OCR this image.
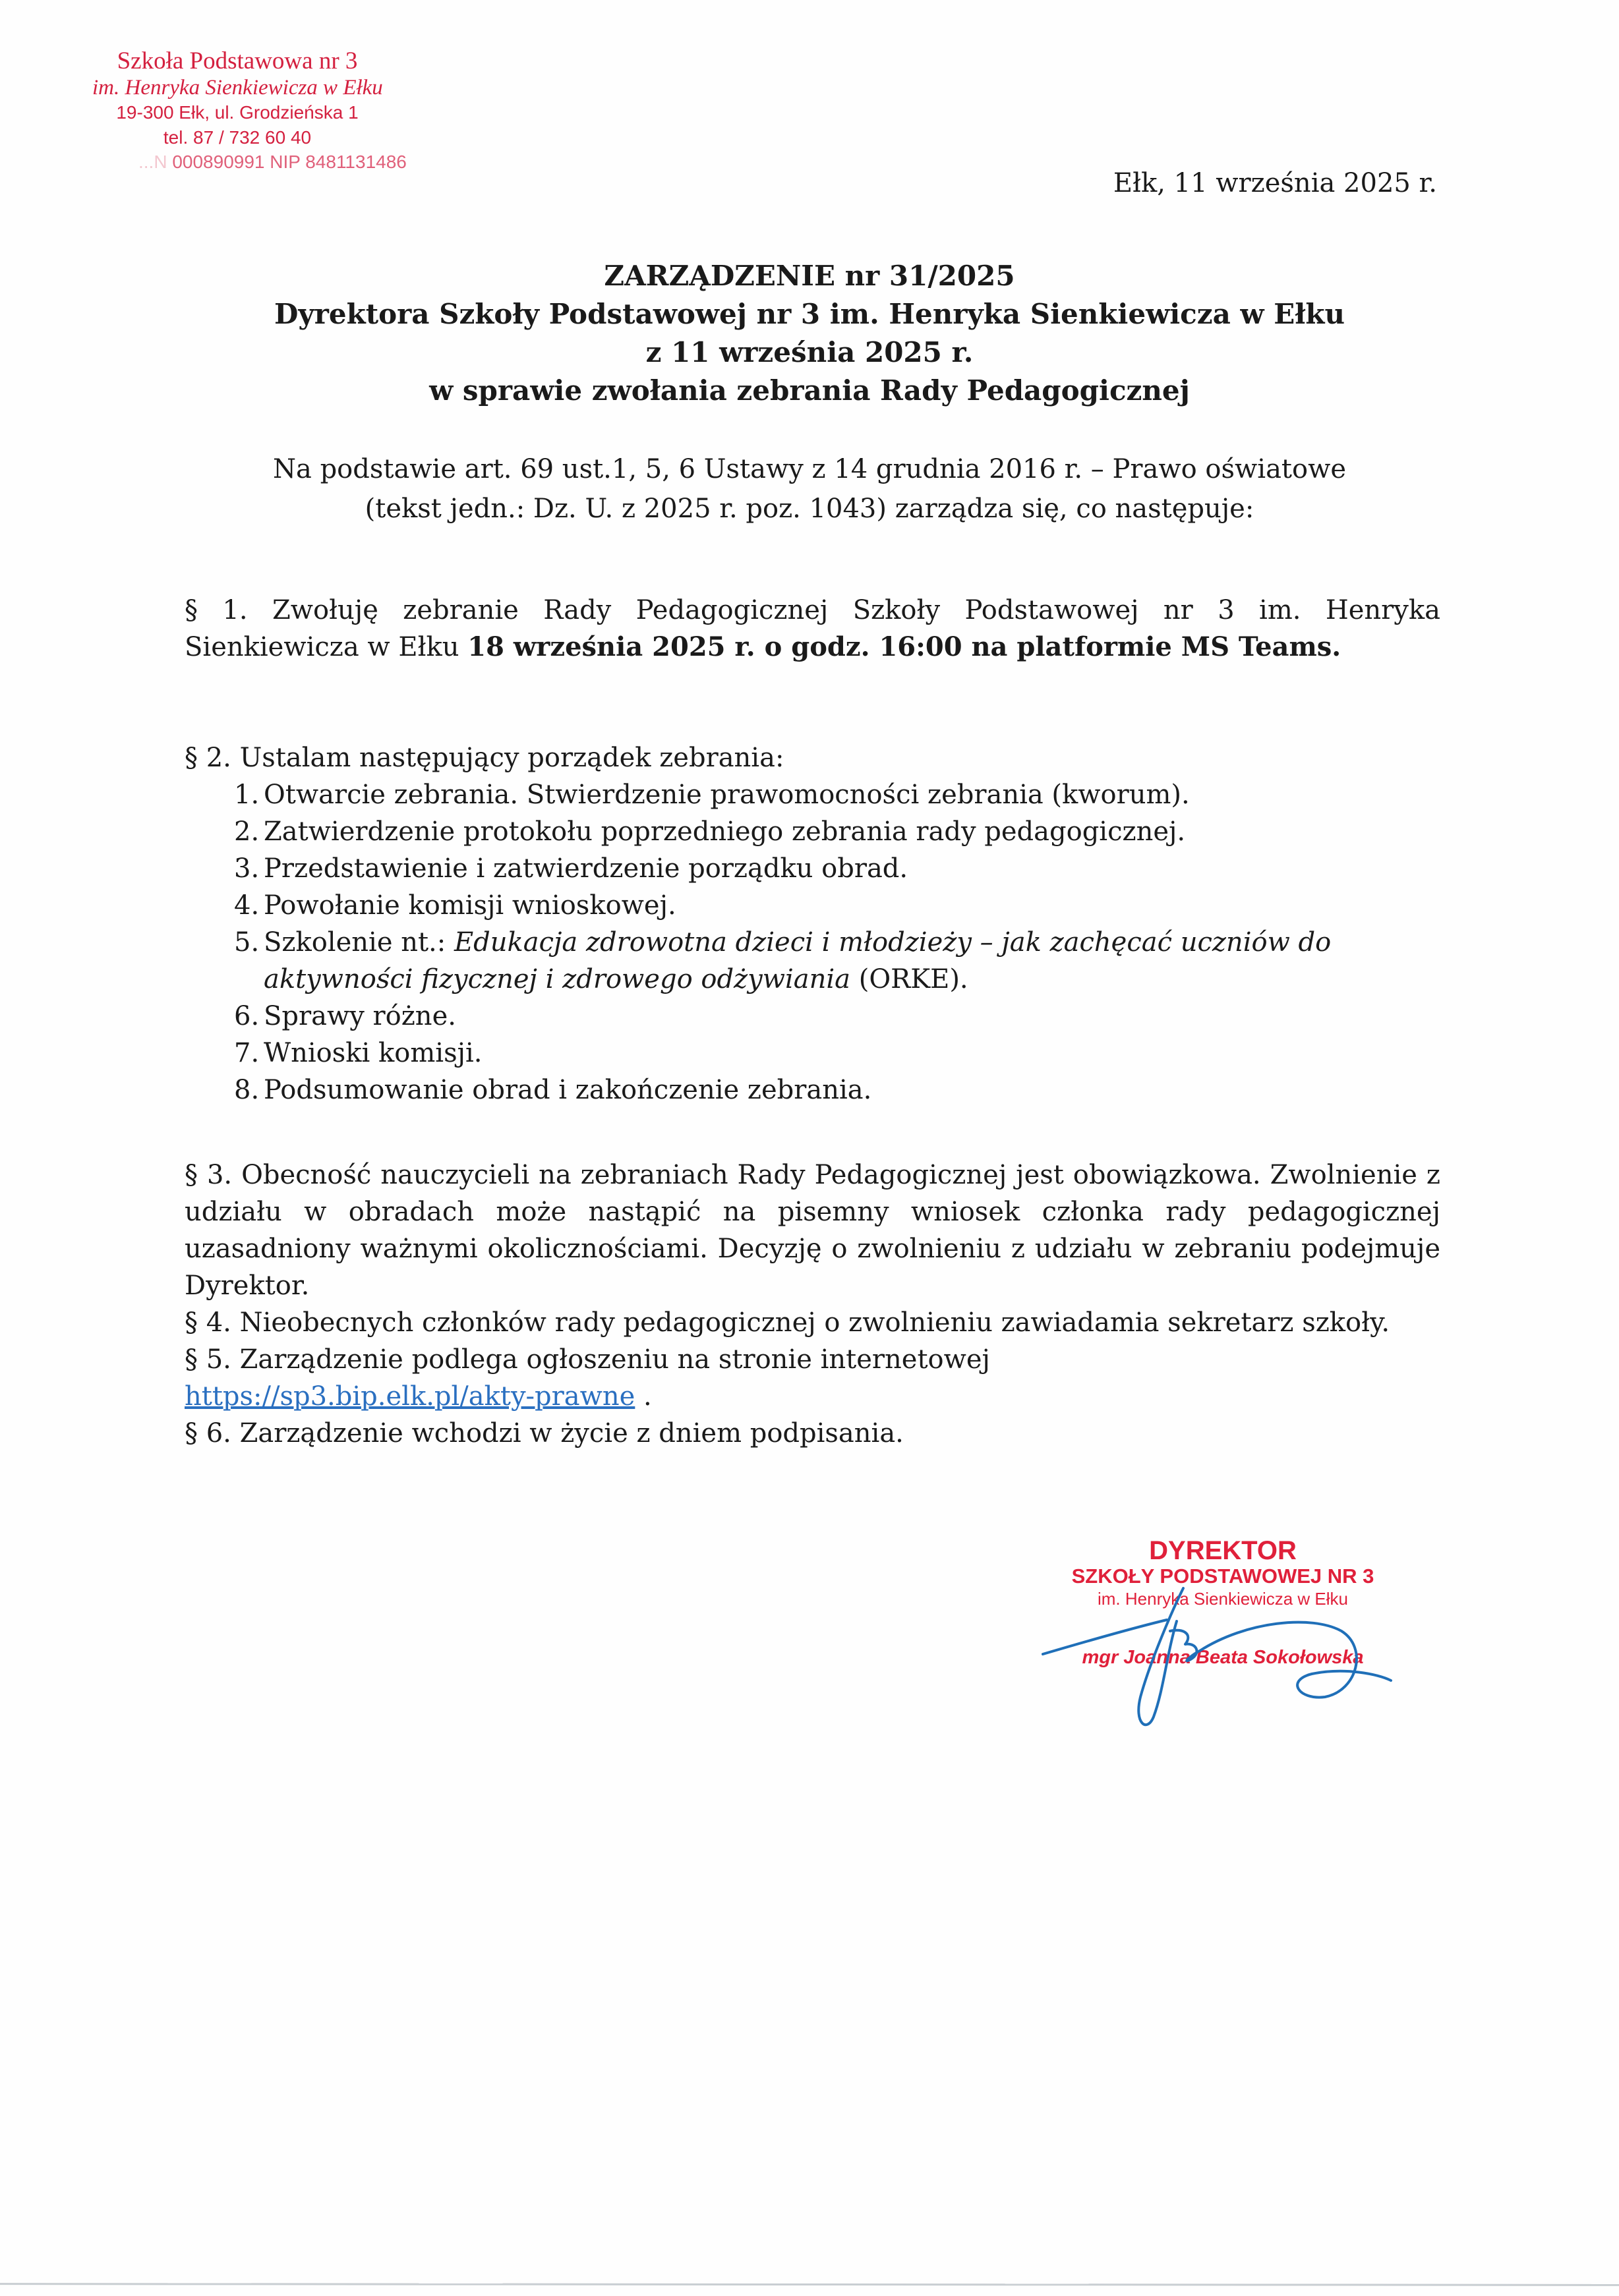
Szkoła Podstawowa nr 3
im. Henryka Sienkiewicza w Ełku
19-300 Ełk, ul. Grodzieńska 1
tel. 87 / 732 60 40
...N 000890991 NIP 8481131486
Ełk, 11 września 2025 r.
ZARZĄDZENIE nr 31/2025
Dyrektora Szkoły Podstawowej nr 3 im. Henryka Sienkiewicza w Ełku
z 11 września 2025 r.
w sprawie zwołania zebrania Rady Pedagogicznej
Na podstawie art. 69 ust.1, 5, 6 Ustawy z 14 grudnia 2016 r. – Prawo oświatowe
(tekst jedn.: Dz. U. z 2025 r. poz. 1043) zarządza się, co następuje:
§ 1. Zwołuję zebranie Rady Pedagogicznej Szkoły Podstawowej nr 3 im. Henryka Sienkiewicza w Ełku 18 września 2025 r. o godz. 16:00 na platformie MS Teams.
§ 2. Ustalam następujący porządek zebrania:
1. Otwarcie zebrania. Stwierdzenie prawomocności zebrania (kworum).
2. Zatwierdzenie protokołu poprzedniego zebrania rady pedagogicznej.
3. Przedstawienie i zatwierdzenie porządku obrad.
4. Powołanie komisji wnioskowej.
5. Szkolenie nt.: Edukacja zdrowotna dzieci i młodzieży – jak zachęcać uczniów do aktywności fizycznej i zdrowego odżywiania (ORKE).
6. Sprawy różne.
7. Wnioski komisji.
8. Podsumowanie obrad i zakończenie zebrania.
§ 3. Obecność nauczycieli na zebraniach Rady Pedagogicznej jest obowiązkowa. Zwolnienie z udziału w obradach może nastąpić na pisemny wniosek członka rady pedagogicznej uzasadniony ważnymi okolicznościami. Decyzję o zwolnieniu z udziału w zebraniu podejmuje Dyrektor.
§ 4. Nieobecnych członków rady pedagogicznej o zwolnieniu zawiadamia sekretarz szkoły.
§ 5. Zarządzenie podlega ogłoszeniu na stronie internetowej
https://sp3.bip.elk.pl/akty-prawne .
§ 6. Zarządzenie wchodzi w życie z dniem podpisania.
DYREKTOR
SZKOŁY PODSTAWOWEJ NR 3
im. Henryka Sienkiewicza w Ełku
mgr Joanna Beata Sokołowska
